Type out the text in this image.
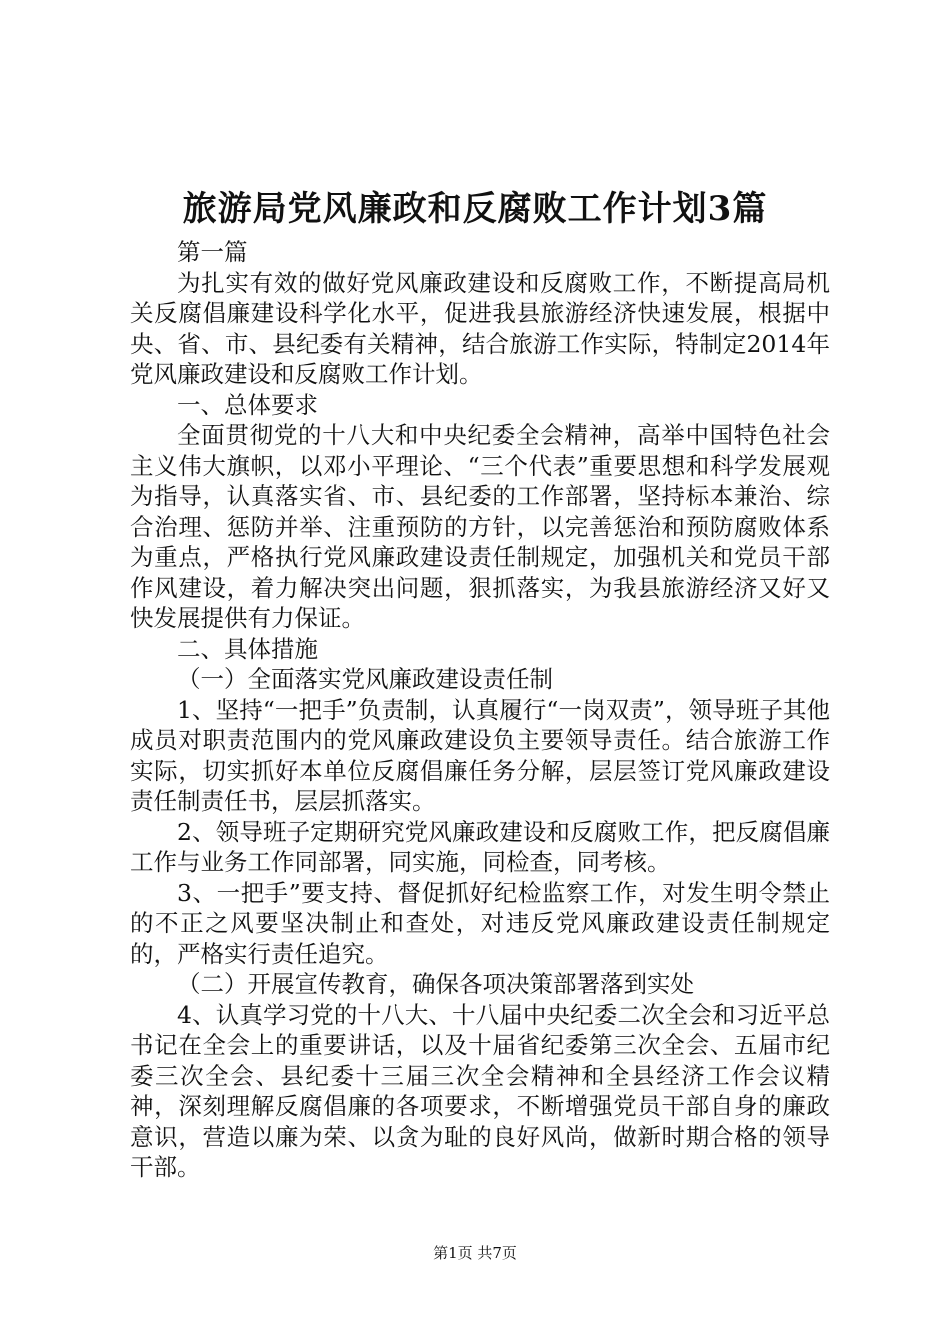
旅游局党风廉政和反腐败工作计划3篇

第一篇

为扎实有效的做好党风廉政建设和反腐败工作，不断提高局机关反腐倡廉建设科学化水平，促进我县旅游经济快速发展，根据中央、省、市、县纪委有关精神，结合旅游工作实际，特制定2014年党风廉政建设和反腐败工作计划。

一、总体要求

全面贯彻党的十八大和中央纪委全会精神，高举中国特色社会主义伟大旗帜，以邓小平理论、“三个代表”重要思想和科学发展观为指导，认真落实省、市、县纪委的工作部署，坚持标本兼治、综合治理、惩防并举、注重预防的方针，以完善惩治和预防腐败体系为重点，严格执行党风廉政建设责任制规定，加强机关和党员干部作风建设，着力解决突出问题，狠抓落实，为我县旅游经济又好又快发展提供有力保证。

二、具体措施

（一）全面落实党风廉政建设责任制

1、坚持“一把手”负责制，认真履行“一岗双责”，领导班子其他成员对职责范围内的党风廉政建设负主要领导责任。结合旅游工作实际，切实抓好本单位反腐倡廉任务分解，层层签订党风廉政建设责任制责任书，层层抓落实。

2、领导班子定期研究党风廉政建设和反腐败工作，把反腐倡廉工作与业务工作同部署，同实施，同检查，同考核。

3、一把手”要支持、督促抓好纪检监察工作，对发生明令禁止的不正之风要坚决制止和查处，对违反党风廉政建设责任制规定的，严格实行责任追究。

（二）开展宣传教育，确保各项决策部署落到实处

4、认真学习党的十八大、十八届中央纪委二次全会和习近平总书记在全会上的重要讲话，以及十届省纪委第三次全会、五届市纪委三次全会、县纪委十三届三次全会精神和全县经济工作会议精神，深刻理解反腐倡廉的各项要求，不断增强党员干部自身的廉政意识，营造以廉为荣、以贪为耻的良好风尚，做新时期合格的领导干部。

第1页 共7页
